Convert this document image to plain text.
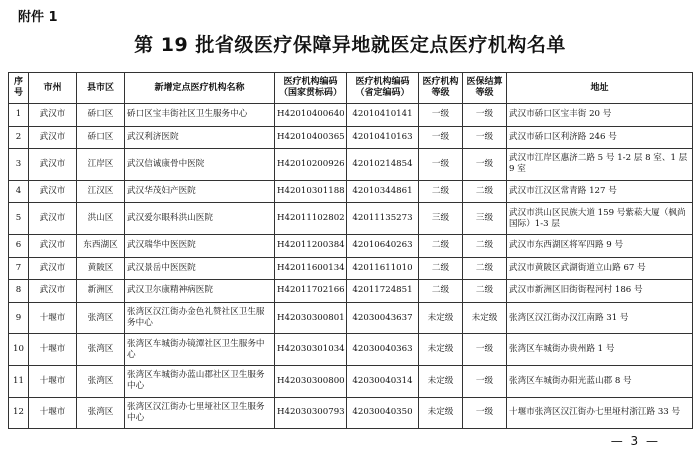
附件 1
第 19 批省级医疗保障异地就医定点医疗机构名单
序号	市州	县市区	新增定点医疗机构名称	医疗机构编码（国家贯标码）	医疗机构编码（省定编码）	医疗机构等级	医保结算等级	地址
1	武汉市	硚口区	硚口区宝丰街社区卫生服务中心	H42010400640	42010410141	一级	一级	武汉市硚口区宝丰街 20 号
2	武汉市	硚口区	武汉利济医院	H42010400365	42010410163	一级	一级	武汉市硚口区利济路 246 号
3	武汉市	江岸区	武汉信诚康骨中医院	H42010200926	42010214854	一级	一级	武汉市江岸区惠济二路 5 号 1-2 层 8 室、1 层 9 室
4	武汉市	江汉区	武汉华茂妇产医院	H42010301188	42010344861	二级	二级	武汉市江汉区常青路 127 号
5	武汉市	洪山区	武汉爱尔眼科洪山医院	H42011102802	42011135273	三级	三级	武汉市洪山区民族大道 159 号紫菘大厦（枫尚国际）1-3 层
6	武汉市	东西湖区	武汉瑞华中医医院	H42011200384	42010640263	二级	二级	武汉市东西湖区将军四路 9 号
7	武汉市	黄陂区	武汉景岳中医医院	H42011600134	42011611010	二级	二级	武汉市黄陂区武湖街道立山路 67 号
8	武汉市	新洲区	武汉卫尔康精神病医院	H42011702166	42011724851	二级	二级	武汉市新洲区旧街街程河村 186 号
9	十堰市	张湾区	张湾区汉江街办金色礼赞社区卫生服务中心	H42030300801	42030043637	未定级	未定级	张湾区汉江街办汉江南路 31 号
10	十堰市	张湾区	张湾区车城街办镜潭社区卫生服务中心	H42030301034	42030040363	未定级	一级	张湾区车城街办贵州路 1 号
11	十堰市	张湾区	张湾区车城街办蓝山郡社区卫生服务中心	H42030300800	42030040314	未定级	一级	张湾区车城街办阳光蓝山郡 8 号
12	十堰市	张湾区	张湾区汉江街办七里垭社区卫生服务中心	H42030300793	42030040350	未定级	一级	十堰市张湾区汉江街办七里垭村浙江路 33 号
— 3 —
